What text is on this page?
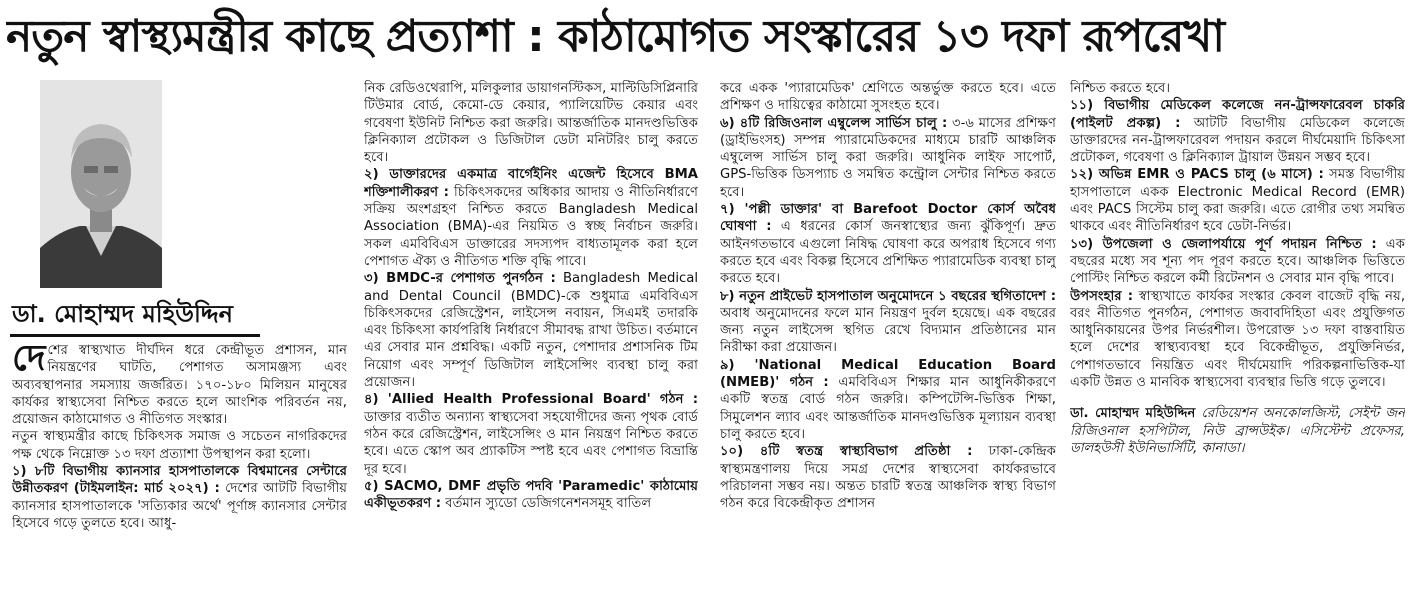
নতুন স্বাস্থ্যমন্ত্রীর কাছে প্রত্যাশা : কাঠামোগত সংস্কারের ১৩ দফা রূপরেখা
ডা. মোহাম্মদ মহিউদ্দিন

দেশের স্বাস্থ্যখাত দীর্ঘদিন ধরে কেন্দ্রীভূত প্রশাসন, মান নিয়ন্ত্রণের ঘাটতি, পেশাগত অসামঞ্জস্য এবং অব্যবস্থাপনার সমস্যায় জর্জরিত। ১৭০-১৮০ মিলিয়ন মানুষের কার্যকর স্বাস্থ্যসেবা নিশ্চিত করতে হলে আংশিক পরিবর্তন নয়, প্রয়োজন কাঠামোগত ও নীতিগত সংস্কার।

নতুন স্বাস্থ্যমন্ত্রীর কাছে চিকিৎসক সমাজ ও সচেতন নাগরিকদের পক্ষ থেকে নিম্নোক্ত ১৩ দফা প্রত্যাশা উপস্থাপন করা হলো।

১) ৮টি বিভাগীয় ক্যানসার হাসপাতালকে বিশ্বমানের সেন্টারে উন্নীতকরণ (টাইমলাইন: মার্চ ২০২৭) : দেশের আটটি বিভাগীয় ক্যানসার হাসপাতালকে 'সত্যিকার অর্থে' পূর্ণাঙ্গ ক্যানসার সেন্টার হিসেবে গড়ে তুলতে হবে। আধু-

নিক রেডিওথেরাপি, মলিকুলার ডায়াগনস্টিকস, মাল্টিডিসিপ্লিনারি টিউমার বোর্ড, কেমো-ডে কেয়ার, প্যালিয়েটিভ কেয়ার এবং গবেষণা ইউনিট নিশ্চিত করা জরুরি। আন্তর্জাতিক মানদণ্ডভিত্তিক ক্লিনিক্যাল প্রটোকল ও ডিজিটাল ডেটা মনিটরিং চালু করতে হবে।

২) ডাক্তারদের একমাত্র বার্গেইনিং এজেন্ট হিসেবে BMA শক্তিশালীকরণ : চিকিৎসকদের অধিকার আদায় ও নীতিনির্ধারণে সক্রিয় অংশগ্রহণ নিশ্চিত করতে Bangladesh Medical Association (BMA)-এর নিয়মিত ও স্বচ্ছ নির্বাচন জরুরি। সকল এমবিবিএস ডাক্তারের সদস্যপদ বাধ্যতামূলক করা হলে পেশাগত ঐক্য ও নীতিগত শক্তি বৃদ্ধি পাবে।

৩) BMDC-র পেশাগত পুনর্গঠন : Bangladesh Medical and Dental Council (BMDC)-কে শুধুমাত্র এমবিবিএস চিকিৎসকদের রেজিস্ট্রেশন, লাইসেন্স নবায়ন, সিএমই তদারকি এবং চিকিৎসা কার্যপরিধি নির্ধারণে সীমাবদ্ধ রাখা উচিত। বর্তমানে এর সেবার মান প্রশ্নবিদ্ধ। একটি নতুন, পেশাদার প্রশাসনিক টিম নিয়োগ এবং সম্পূর্ণ ডিজিটাল লাইসেন্সিং ব্যবস্থা চালু করা প্রয়োজন।

৪) 'Allied Health Professional Board' গঠন : ডাক্তার ব্যতীত অন্যান্য স্বাস্থ্যসেবা সহযোগীদের জন্য পৃথক বোর্ড গঠন করে রেজিস্ট্রেশন, লাইসেন্সিং ও মান নিয়ন্ত্রণ নিশ্চিত করতে হবে। এতে স্কোপ অব প্র্যাকটিস স্পষ্ট হবে এবং পেশাগত বিভ্রান্তি দূর হবে।

৫) SACMO, DMF প্রভৃতি পদবি 'Paramedic' কাঠামোয় একীভূতকরণ : বর্তমান স্যুডো ডেজিগনেশনসমূহ বাতিল

করে একক 'প্যারামেডিক' শ্রেণিতে অন্তর্ভুক্ত করতে হবে। এতে প্রশিক্ষণ ও দায়িত্বের কাঠামো সুসংহত হবে।

৬) ৪টি রিজিওনাল এম্বুলেন্স সার্ভিস চালু : ৩-৬ মাসের প্রশিক্ষণ (ড্রাইভিংসহ) সম্পন্ন প্যারামেডিকদের মাধ্যমে চারটি আঞ্চলিক এম্বুলেন্স সার্ভিস চালু করা জরুরি। আধুনিক লাইফ সাপোর্ট, GPS-ভিত্তিক ডিসপ্যাচ ও সমন্বিত কন্ট্রোল সেন্টার নিশ্চিত করতে হবে।

৭) 'পল্লী ডাক্তার' বা Barefoot Doctor কোর্স অবৈধ ঘোষণা : এ ধরনের কোর্স জনস্বাস্থ্যের জন্য ঝুঁকিপূর্ণ। দ্রুত আইনগতভাবে এগুলো নিষিদ্ধ ঘোষণা করে অপরাধ হিসেবে গণ্য করতে হবে এবং বিকল্প হিসেবে প্রশিক্ষিত প্যারামেডিক ব্যবস্থা চালু করতে হবে।

৮) নতুন প্রাইভেট হাসপাতাল অনুমোদনে ১ বছরের স্থগিতাদেশ : অবাধ অনুমোদনের ফলে মান নিয়ন্ত্রণ দুর্বল হয়েছে। এক বছরের জন্য নতুন লাইসেন্স স্থগিত রেখে বিদ্যমান প্রতিষ্ঠানের মান নিরীক্ষা করা প্রয়োজন।

৯) 'National Medical Education Board (NMEB)' গঠন : এমবিবিএস শিক্ষার মান আধুনিকীকরণে একটি স্বতন্ত্র বোর্ড গঠন জরুরি। কম্পিটেন্সি-ভিত্তিক শিক্ষা, সিমুলেশন ল্যাব এবং আন্তর্জাতিক মানদণ্ডভিত্তিক মূল্যায়ন ব্যবস্থা চালু করতে হবে।

১০) ৪টি স্বতন্ত্র স্বাস্থ্যবিভাগ প্রতিষ্ঠা : ঢাকা-কেন্দ্রিক স্বাস্থ্যমন্ত্রণালয় দিয়ে সমগ্র দেশের স্বাস্থ্যসেবা কার্যকরভাবে পরিচালনা সম্ভব নয়। অন্তত চারটি স্বতন্ত্র আঞ্চলিক স্বাস্থ্য বিভাগ গঠন করে বিকেন্দ্রীকৃত প্রশাসন

নিশ্চিত করতে হবে।

১১) বিভাগীয় মেডিকেল কলেজে নন-ট্রান্সফারেবল চাকরি (পাইলট প্রকল্প) : আটটি বিভাগীয় মেডিকেল কলেজে ডাক্তারদের নন-ট্রান্সফারেবল পদায়ন করলে দীর্ঘমেয়াদি চিকিৎসা প্রটোকল, গবেষণা ও ক্লিনিক্যাল ট্রায়াল উন্নয়ন সম্ভব হবে।

১২) অভিন্ন EMR ও PACS চালু (৬ মাসে) : সমস্ত বিভাগীয় হাসপাতালে একক Electronic Medical Record (EMR) এবং PACS সিস্টেম চালু করা জরুরি। এতে রোগীর তথ্য সমন্বিত থাকবে এবং নীতিনির্ধারণ হবে ডেটা-নির্ভর।

১৩) উপজেলা ও জেলাপর্যায়ে পূর্ণ পদায়ন নিশ্চিত : এক বছরের মধ্যে সব শূন্য পদ পূরণ করতে হবে। আঞ্চলিক ভিত্তিতে পোস্টিং নিশ্চিত করলে কর্মী রিটেনশন ও সেবার মান বৃদ্ধি পাবে।

উপসংহার : স্বাস্থ্যখাতে কার্যকর সংস্কার কেবল বাজেট বৃদ্ধি নয়, বরং নীতিগত পুনর্গঠন, পেশাগত জবাবদিহিতা এবং প্রযুক্তিগত আধুনিকায়নের উপর নির্ভরশীল। উপরোক্ত ১৩ দফা বাস্তবায়িত হলে দেশের স্বাস্থ্যব্যবস্থা হবে বিকেন্দ্রীভূত, প্রযুক্তিনির্ভর, পেশাগতভাবে নিয়ন্ত্রিত এবং দীর্ঘমেয়াদি পরিকল্পনাভিত্তিক-যা একটি উন্নত ও মানবিক স্বাস্থ্যসেবা ব্যবস্থার ভিত্তি গড়ে তুলবে।

ডা. মোহাম্মদ মহিউদ্দিন রেডিয়েশন অনকোলজিস্ট, সেইন্ট জন রিজিওনাল হসপিটাল, নিউ ব্রান্সউইক। এসিস্টেন্ট প্রফেসর, ডালহউসী ইউনিভার্সিটি, কানাডা।
